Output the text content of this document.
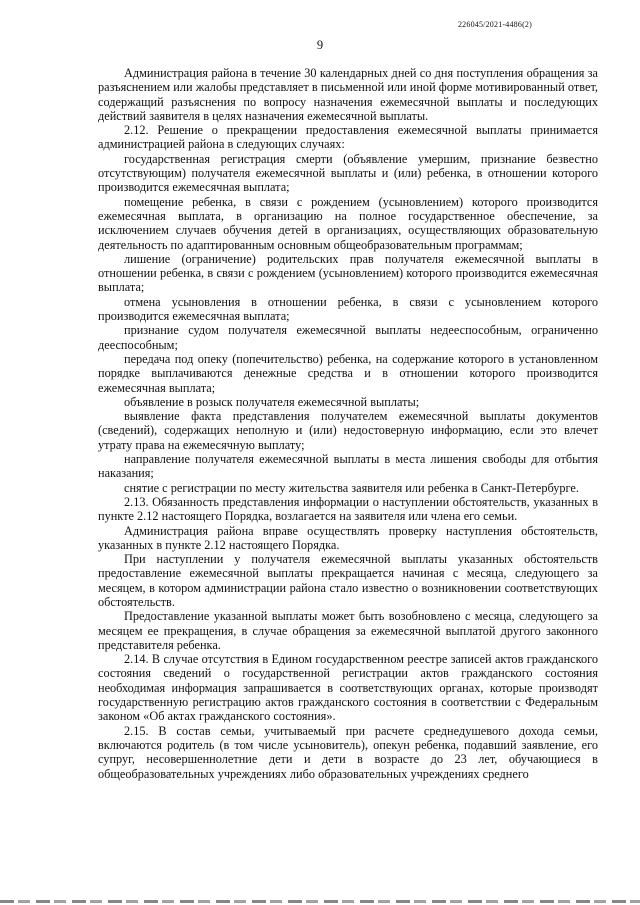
226045/2021-4486(2)
9

Администрация района в течение 30 календарных дней со дня поступления обращения за разъяснением или жалобы представляет в письменной или иной форме мотивированный ответ, содержащий разъяснения по вопросу назначения ежемесячной выплаты и последующих действий заявителя в целях назначения ежемесячной выплаты.

2.12. Решение о прекращении предоставления ежемесячной выплаты принимается администрацией района в следующих случаях:

государственная регистрация смерти (объявление умершим, признание безвестно отсутствующим) получателя ежемесячной выплаты и (или) ребенка, в отношении которого производится ежемесячная выплата;

помещение ребенка, в связи с рождением (усыновлением) которого производится ежемесячная выплата, в организацию на полное государственное обеспечение, за исключением случаев обучения детей в организациях, осуществляющих образовательную деятельность по адаптированным основным общеобразовательным программам;

лишение (ограничение) родительских прав получателя ежемесячной выплаты в отношении ребенка, в связи с рождением (усыновлением) которого производится ежемесячная выплата;

отмена усыновления в отношении ребенка, в связи с усыновлением которого производится ежемесячная выплата;

признание судом получателя ежемесячной выплаты недееспособным, ограниченно дееспособным;

передача под опеку (попечительство) ребенка, на содержание которого в установленном порядке выплачиваются денежные средства и в отношении которого производится ежемесячная выплата;

объявление в розыск получателя ежемесячной выплаты;

выявление факта представления получателем ежемесячной выплаты документов (сведений), содержащих неполную и (или) недостоверную информацию, если это влечет утрату права на ежемесячную выплату;

направление получателя ежемесячной выплаты в места лишения свободы для отбытия наказания;

снятие с регистрации по месту жительства заявителя или ребенка в Санкт-Петербурге.

2.13. Обязанность представления информации о наступлении обстоятельств, указанных в пункте 2.12 настоящего Порядка, возлагается на заявителя или члена его семьи.

Администрация района вправе осуществлять проверку наступления обстоятельств, указанных в пункте 2.12 настоящего Порядка.

При наступлении у получателя ежемесячной выплаты указанных обстоятельств предоставление ежемесячной выплаты прекращается начиная с месяца, следующего за месяцем, в котором администрации района стало известно о возникновении соответствующих обстоятельств.

Предоставление указанной выплаты может быть возобновлено с месяца, следующего за месяцем ее прекращения, в случае обращения за ежемесячной выплатой другого законного представителя ребенка.

2.14. В случае отсутствия в Едином государственном реестре записей актов гражданского состояния сведений о государственной регистрации актов гражданского состояния необходимая информация запрашивается в соответствующих органах, которые производят государственную регистрацию актов гражданского состояния в соответствии с Федеральным законом «Об актах гражданского состояния».

2.15. В состав семьи, учитываемый при расчете среднедушевого дохода семьи, включаются родитель (в том числе усыновитель), опекун ребенка, подавший заявление, его супруг, несовершеннолетние дети и дети в возрасте до 23 лет, обучающиеся в общеобразовательных учреждениях либо образовательных учреждениях среднего
